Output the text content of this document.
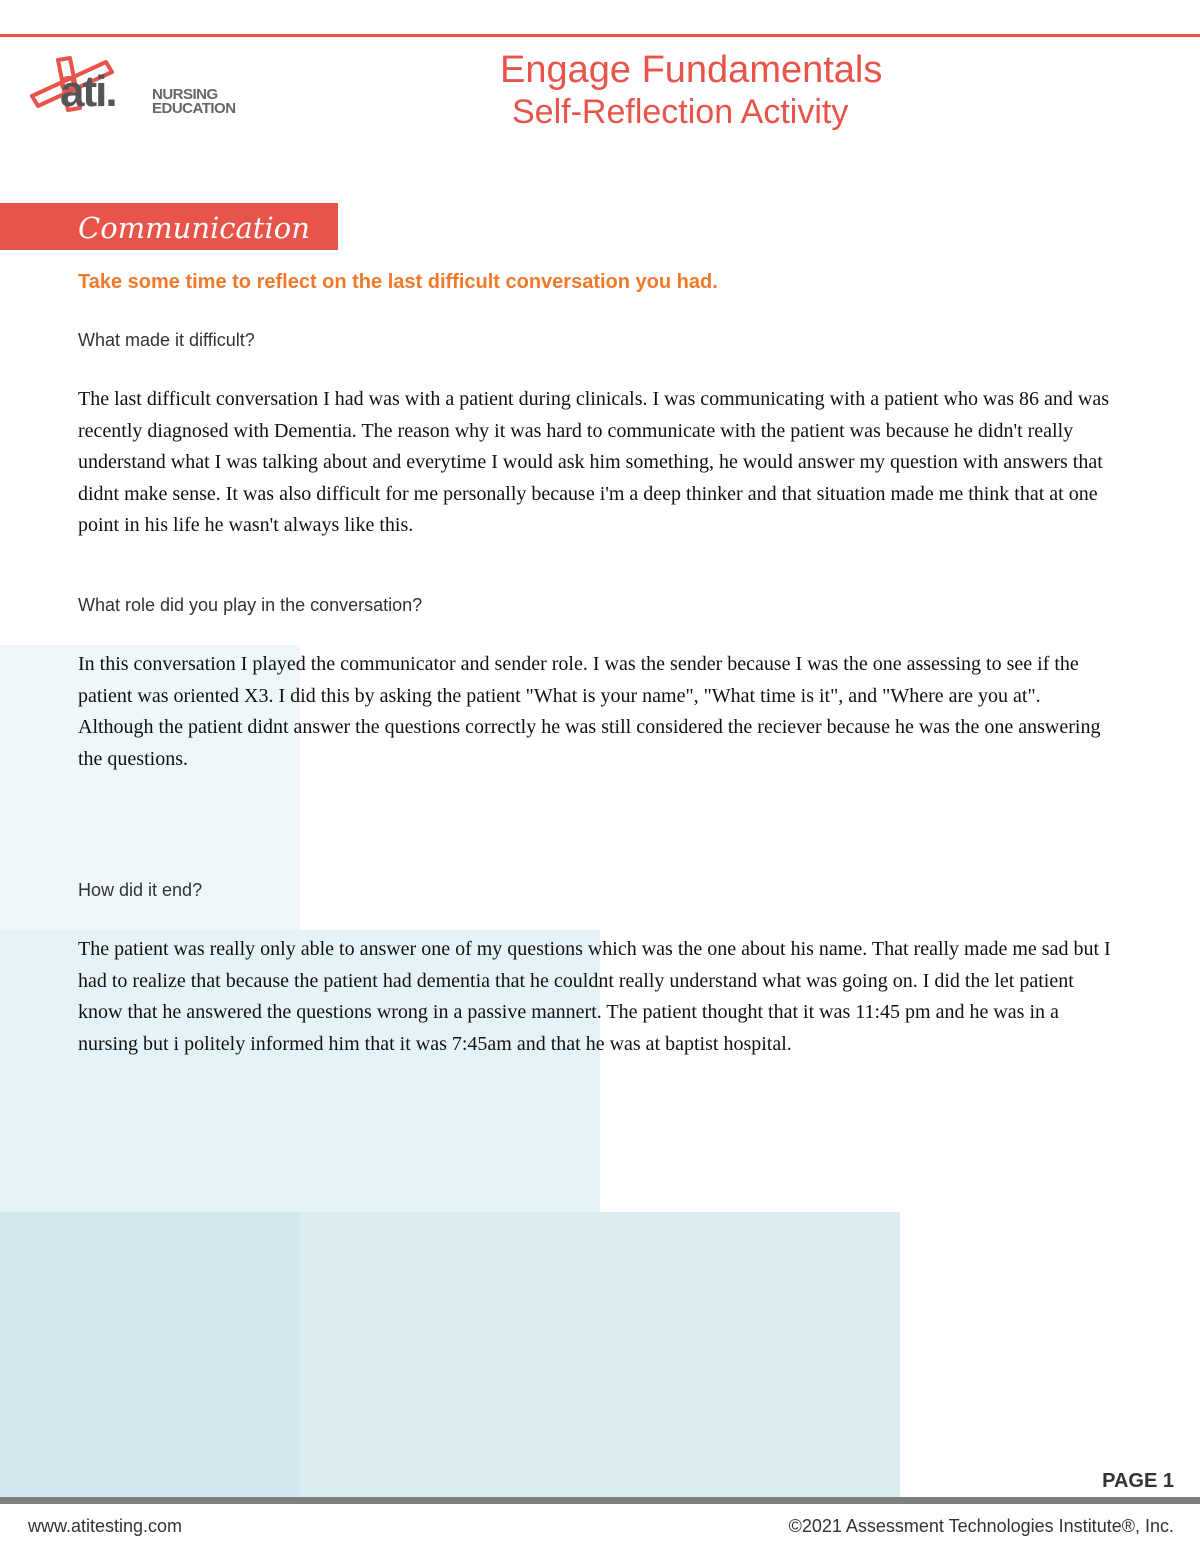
ati. NURSING
EDUCATION
Engage Fundamentals
Self-Reflection Activity
Communication
Take some time to reflect on the last difficult conversation you had.
What made it difficult?

The last difficult conversation I had was with a patient during clinicals. I was communicating with a patient who was 86 and was recently diagnosed with Dementia. The reason why it was hard to communicate with the patient was because he didn't really understand what I was talking about and everytime I would ask him something, he would answer my question with answers that didnt make sense. It was also difficult for me personally because i'm a deep thinker and that situation made me think that at one point in his life he wasn't always like this.

What role did you play in the conversation?

In this conversation I played the communicator and sender role. I was the sender because I was the one assessing to see if the patient was oriented X3. I did this by asking the patient "What is your name", "What time is it", and "Where are you at". Although the patient didnt answer the questions correctly he was still considered the reciever because he was the one answering the questions.

How did it end?

The patient was really only able to answer one of my questions which was the one about his name. That really made me sad but I had to realize that because the patient had dementia that he couldnt really understand what was going on. I did the let patient know that he answered the questions wrong in a passive mannert. The patient thought that it was 11:45 pm and he was in a nursing but i politely informed him that it was 7:45am and that he was at baptist hospital.

PAGE 1
www.atitesting.com	©2021 Assessment Technologies Institute®, Inc.
